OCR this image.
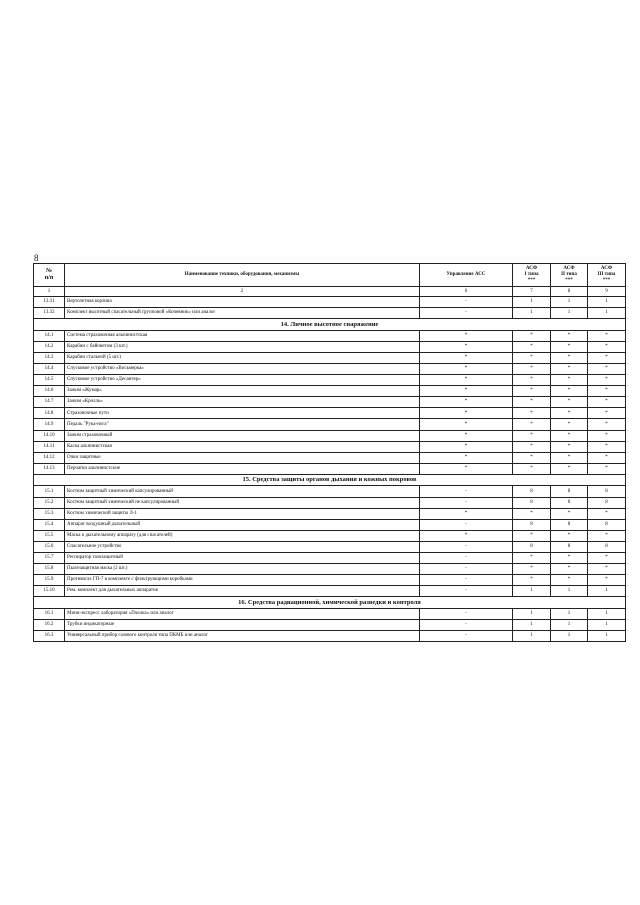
8
№
п/п	Наименование техники, оборудования, механизмы	Управление АСС	АСФ
I типа
***	АСФ
II типа
***	АСФ
III типа
***
1	2	6	7	8	9
13.31	Вертолетная корзина	-	1	1	1
13.32	Комплект высотный спасательный групповой «Кочевник» или аналог	-	1	1	1
14. Личное высотное снаряжение					
14.1	Система страховочная альпинистская	*	*	*	*
14.2	Карабин с байонетом (3 шт.)	*	*	*	*
14.3	Карабин стальной (5 шт.)	*	*	*	*
14.4	Спусковое устройство «Восьмерка»	*	*	*	*
14.5	Спусковое устройство «Десантер»	*	*	*	*
14.6	Зажим «Жумар»	*	*	*	*
14.7	Зажим «Кролль»	*	*	*	*
14.8	Страховочные пути	*	*	*	*
14.9	Педаль "Рука-нога"	*	*	*	*
14.10	Зажим страховочный	*	*	*	*
14.11	Каска альпинистская	*	*	*	*
14.12	Очки защитные	*	*	*	*
14.13	Перчатки альпинистские	*	*	*	*
15. Средства защиты органов дыхания и кожных покровов					
15.1	Костюм защитный химический капсулированный	-	8	8	8
15.2	Костюм защитный химический не капсулированный	-	8	8	8
15.3	Костюм химической защиты Л-1	*	*	*	*
15.4	Аппарат воздушный дыхательный	-	8	8	8
15.5	Маска к дыхательному аппарату (для спасателей)	*	*	*	*
15.6	Спасательное устройство	-	8	8	8
15.7	Респиратор газозащитный	-	*	*	*
15.8	Пылезащитная маска (2 шт.)	-	*	*	*
15.9	Противогаз ГП-7 в комплекте с фильтрующими коробками	-	*	*	*
15.10	Рем. комплект для дыхательных аппаратов	-	1	1	1
16. Средства радиационной, химической разведки и контроля					
16.1	Мини-экспресс лаборатория «Пчелка» или аналог	-	1	1	1
16.2	Трубки индикаторные	-	1	1	1
16.3	Универсальный прибор газового контроля типа ПКМБ или аналог	-	1	1	1
